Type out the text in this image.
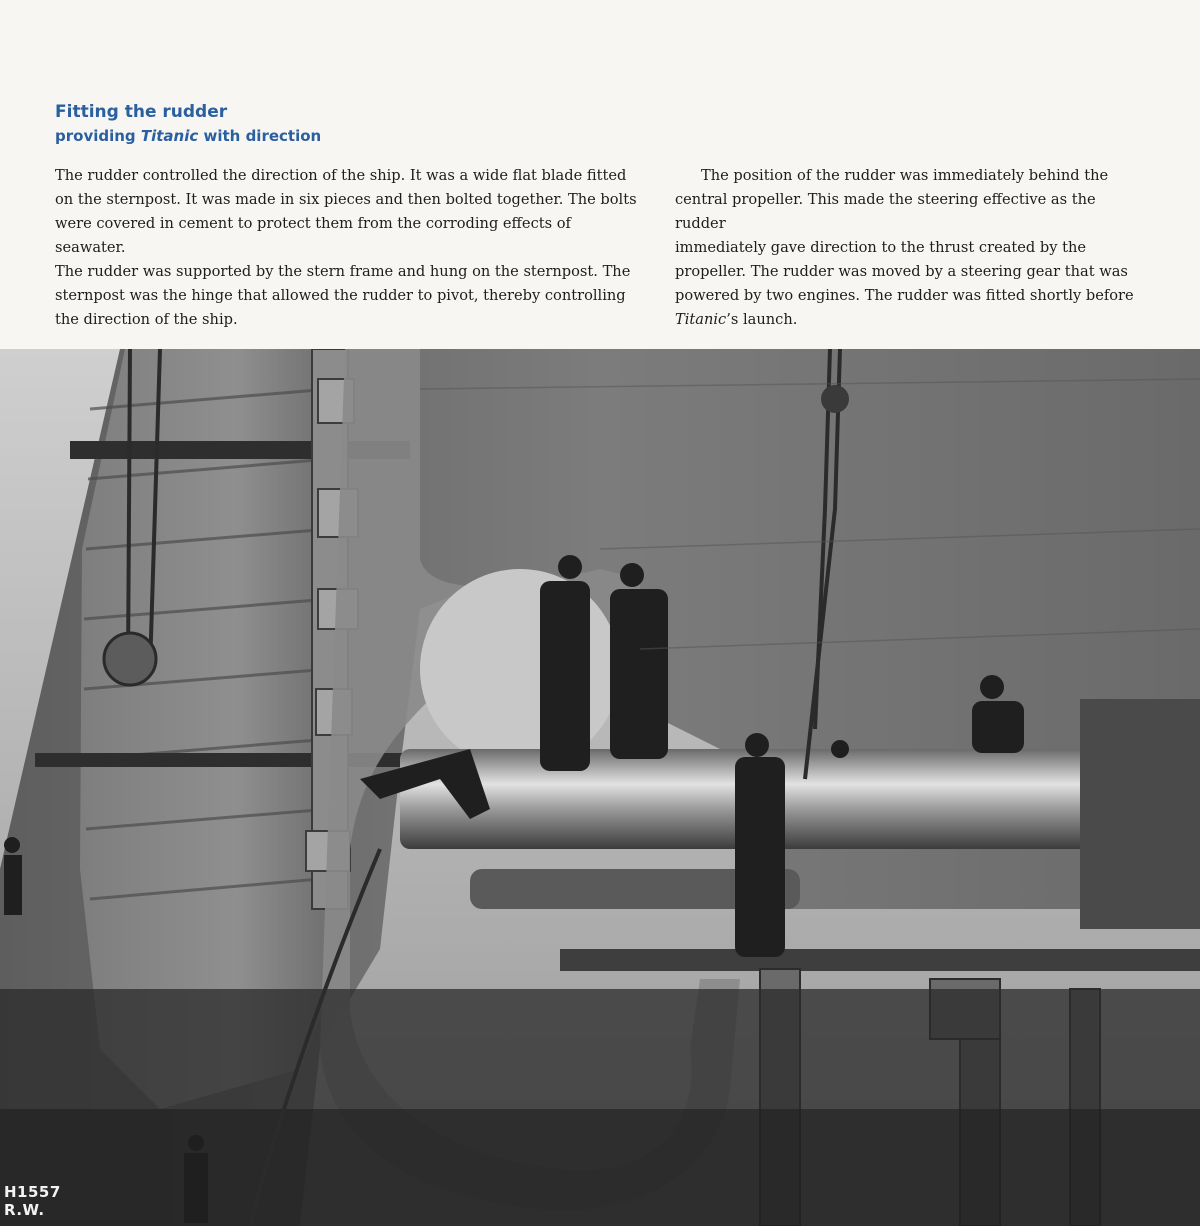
Fitting the rudder
providing Titanic with direction
The rudder controlled the direction of the ship. It was a wide flat blade fitted
on the sternpost. It was made in six pieces and then bolted together. The bolts
were covered in cement to protect them from the corroding effects of seawater.
The rudder was supported by the stern frame and hung on the sternpost. The
sternpost was the hinge that allowed the rudder to pivot, thereby controlling
the direction of the ship.
The position of the rudder was immediately behind the
central propeller. This made the steering effective as the rudder
immediately gave direction to the thrust created by the
propeller. The rudder was moved by a steering gear that was
powered by two engines. The rudder was fitted shortly before
Titanic’s launch.
H1557
R.W.
